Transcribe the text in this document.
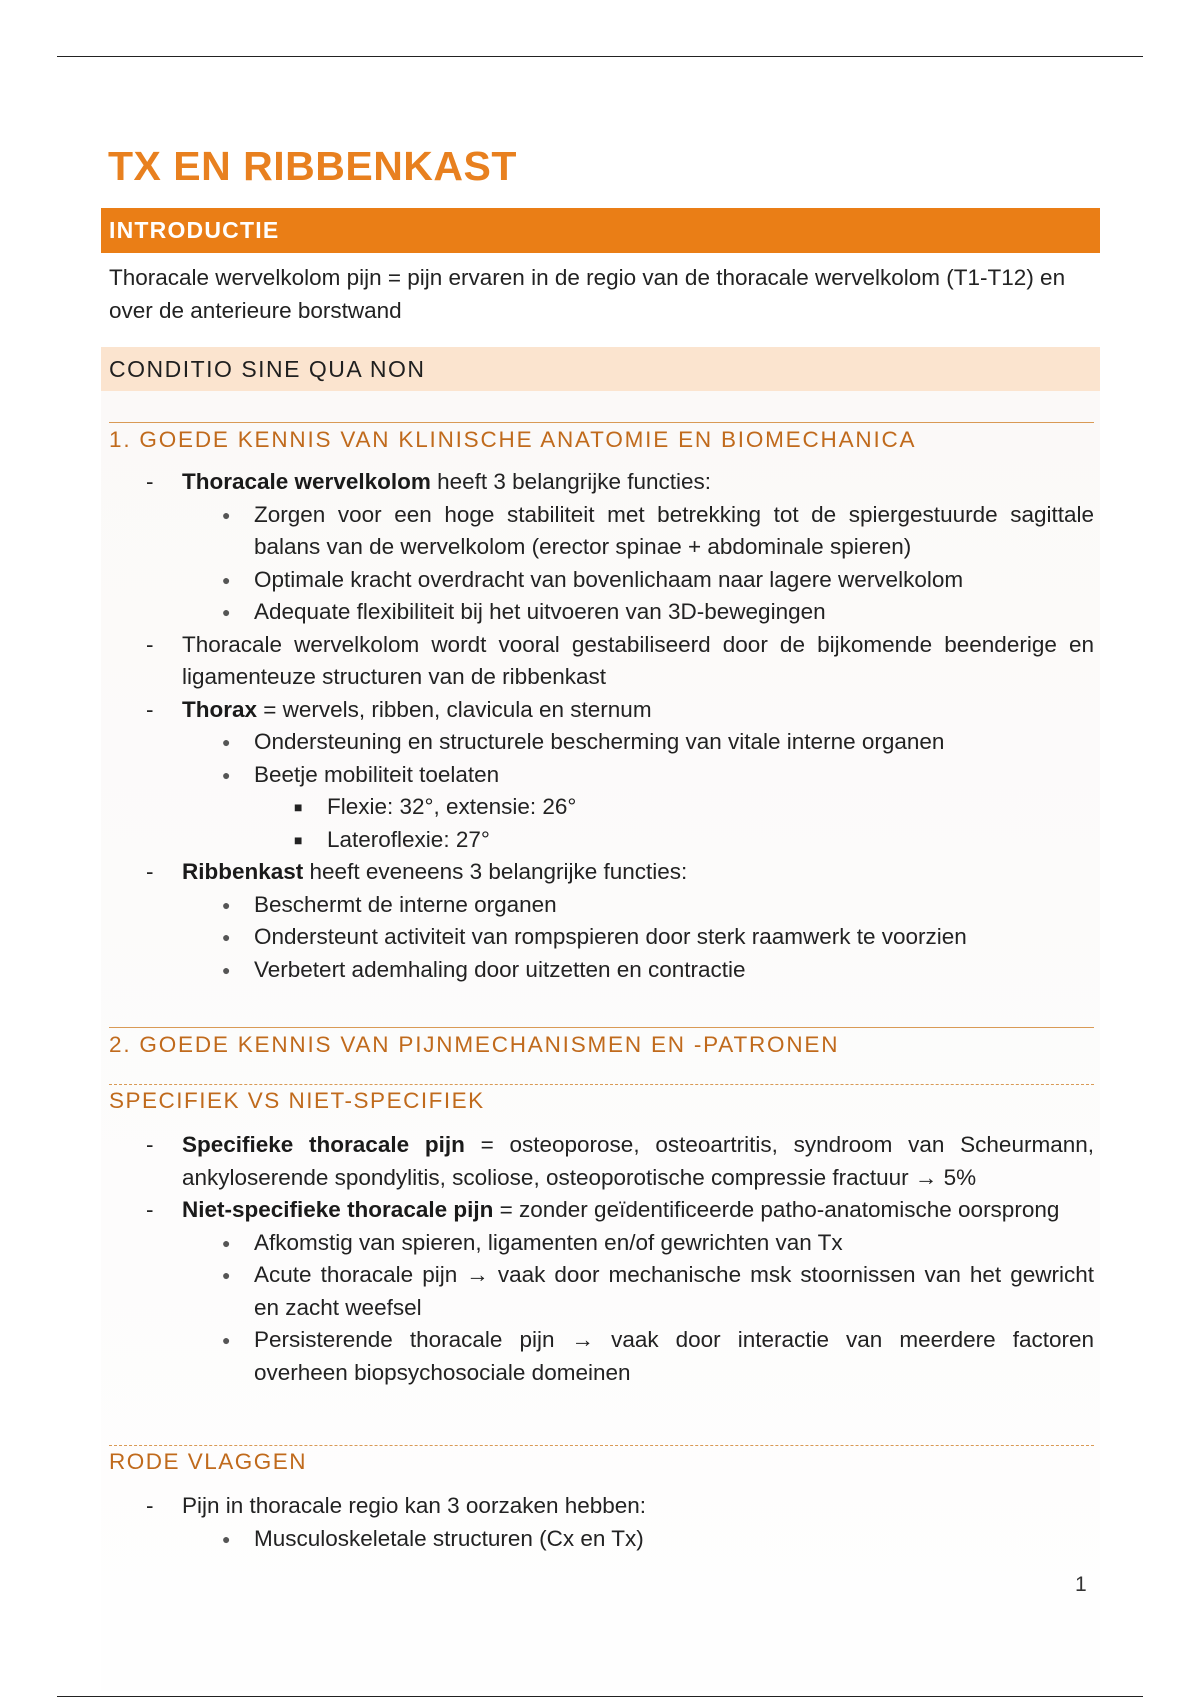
TX EN RIBBENKAST
INTRODUCTIE
Thoracale wervelkolom pijn = pijn ervaren in de regio van de thoracale wervelkolom (T1-T12) en over de anterieure borstwand
CONDITIO SINE QUA NON
1. GOEDE KENNIS VAN KLINISCHE ANATOMIE EN BIOMECHANICA
- Thoracale wervelkolom heeft 3 belangrijke functies:
● Zorgen voor een hoge stabiliteit met betrekking tot de spiergestuurde sagittale balans van de wervelkolom (erector spinae + abdominale spieren)
● Optimale kracht overdracht van bovenlichaam naar lagere wervelkolom
● Adequate flexibiliteit bij het uitvoeren van 3D-bewegingen
- Thoracale wervelkolom wordt vooral gestabiliseerd door de bijkomende beenderige en ligamenteuze structuren van de ribbenkast
- Thorax = wervels, ribben, clavicula en sternum
● Ondersteuning en structurele bescherming van vitale interne organen
● Beetje mobiliteit toelaten
■ Flexie: 32°, extensie: 26°
■ Lateroflexie: 27°
- Ribbenkast heeft eveneens 3 belangrijke functies:
● Beschermt de interne organen
● Ondersteunt activiteit van rompspieren door sterk raamwerk te voorzien
● Verbetert ademhaling door uitzetten en contractie
2. GOEDE KENNIS VAN PIJNMECHANISMEN EN -PATRONEN
SPECIFIEK VS NIET-SPECIFIEK
- Specifieke thoracale pijn = osteoporose, osteoartritis, syndroom van Scheurmann, ankyloserende spondylitis, scoliose, osteoporotische compressie fractuur → 5%
- Niet-specifieke thoracale pijn = zonder geïdentificeerde patho-anatomische oorsprong
● Afkomstig van spieren, ligamenten en/of gewrichten van Tx
● Acute thoracale pijn → vaak door mechanische msk stoornissen van het gewricht en zacht weefsel
● Persisterende thoracale pijn → vaak door interactie van meerdere factoren overheen biopsychosociale domeinen
RODE VLAGGEN
- Pijn in thoracale regio kan 3 oorzaken hebben:
● Musculoskeletale structuren (Cx en Tx)
1
